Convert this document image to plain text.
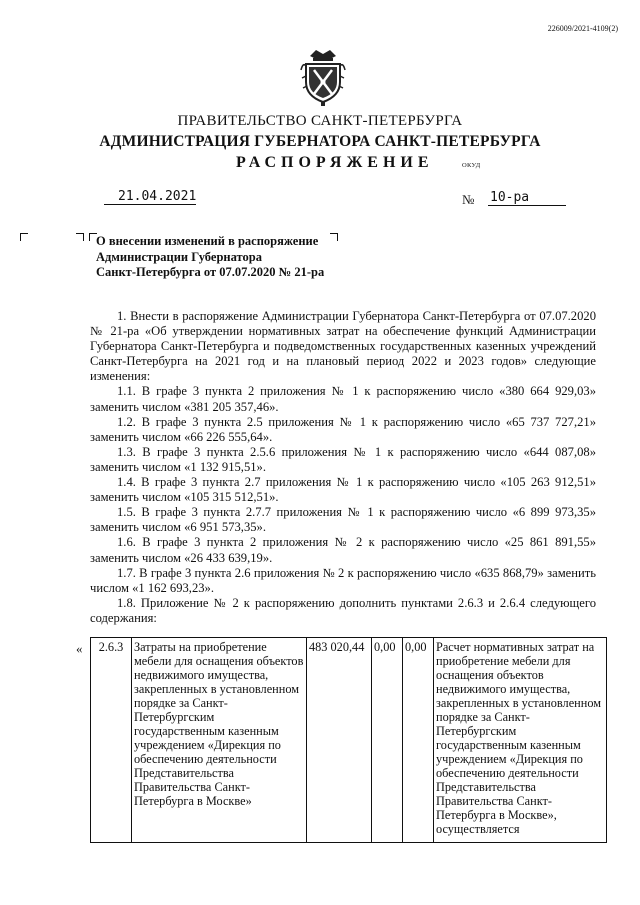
226009/2021-4109(2)
ПРАВИТЕЛЬСТВО САНКТ-ПЕТЕРБУРГА
АДМИНИСТРАЦИЯ ГУБЕРНАТОРА САНКТ-ПЕТЕРБУРГА
РАСПОРЯЖЕНИЕ	ОКУД
21.04.2021	№ 10-ра
О внесении изменений в распоряжение
Администрации Губернатора
Санкт-Петербурга от 07.07.2020 № 21-ра

1. Внести в распоряжение Администрации Губернатора Санкт-Петербурга от 07.07.2020 № 21-ра «Об утверждении нормативных затрат на обеспечение функций Администрации Губернатора Санкт-Петербурга и подведомственных государственных казенных учреждений Санкт-Петербурга на 2021 год и на плановый период 2022 и 2023 годов» следующие изменения:

1.1. В графе 3 пункта 2 приложения № 1 к распоряжению число «380 664 929,03» заменить числом «381 205 357,46».

1.2. В графе 3 пункта 2.5 приложения № 1 к распоряжению число «65 737 727,21» заменить числом «66 226 555,64».

1.3. В графе 3 пункта 2.5.6 приложения № 1 к распоряжению число «644 087,08» заменить числом «1 132 915,51».

1.4. В графе 3 пункта 2.7 приложения № 1 к распоряжению число «105 263 912,51» заменить числом «105 315 512,51».

1.5. В графе 3 пункта 2.7.7 приложения № 1 к распоряжению число «6 899 973,35» заменить числом «6 951 573,35».

1.6. В графе 3 пункта 2 приложения № 2 к распоряжению число «25 861 891,55» заменить числом «26 433 639,19».

1.7. В графе 3 пункта 2.6 приложения № 2 к распоряжению число «635 868,79» заменить числом «1 162 693,23».

1.8. Приложение № 2 к распоряжению дополнить пунктами 2.6.3 и 2.6.4 следующего содержания:

« 2.6.3	Затраты на приобретение мебели для оснащения объектов недвижимого имущества, закрепленных в установленном порядке за Санкт-Петербургским государственным казенным учреждением «Дирекция по обеспечению деятельности Представительства Правительства Санкт-Петербурга в Москве»	483 020,44	0,00	0,00	Расчет нормативных затрат на приобретение мебели для оснащения объектов недвижимого имущества, закрепленных в установленном порядке за Санкт-Петербургским государственным казенным учреждением «Дирекция по обеспечению деятельности Представительства Правительства Санкт-Петербурга в Москве», осуществляется
